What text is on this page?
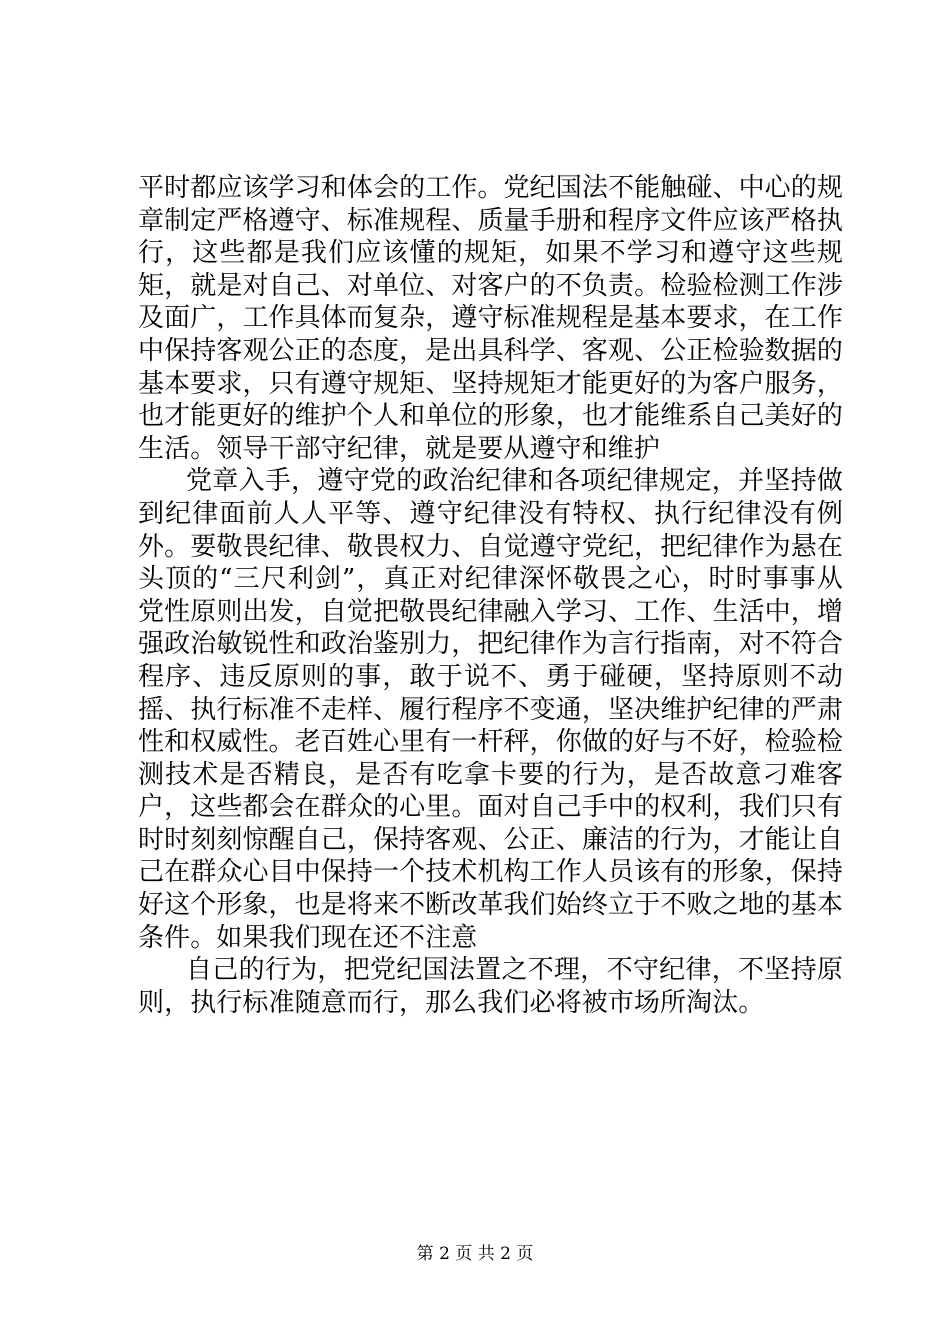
平时都应该学习和体会的工作。党纪国法不能触碰、中心的规章制定严格遵守、标准规程、质量手册和程序文件应该严格执行，这些都是我们应该懂的规矩，如果不学习和遵守这些规矩，就是对自己、对单位、对客户的不负责。检验检测工作涉及面广，工作具体而复杂，遵守标准规程是基本要求，在工作中保持客观公正的态度，是出具科学、客观、公正检验数据的基本要求，只有遵守规矩、坚持规矩才能更好的为客户服务，也才能更好的维护个人和单位的形象，也才能维系自己美好的生活。领导干部守纪律，就是要从遵守和维护

党章入手，遵守党的政治纪律和各项纪律规定，并坚持做到纪律面前人人平等、遵守纪律没有特权、执行纪律没有例外。要敬畏纪律、敬畏权力、自觉遵守党纪，把纪律作为悬在头顶的“三尺利剑”，真正对纪律深怀敬畏之心，时时事事从党性原则出发，自觉把敬畏纪律融入学习、工作、生活中，增强政治敏锐性和政治鉴别力，把纪律作为言行指南，对不符合程序、违反原则的事，敢于说不、勇于碰硬，坚持原则不动摇、执行标准不走样、履行程序不变通，坚决维护纪律的严肃性和权威性。老百姓心里有一杆秤，你做的好与不好，检验检测技术是否精良，是否有吃拿卡要的行为，是否故意刁难客户，这些都会在群众的心里。面对自己手中的权利，我们只有时时刻刻惊醒自己，保持客观、公正、廉洁的行为，才能让自己在群众心目中保持一个技术机构工作人员该有的形象，保持好这个形象，也是将来不断改革我们始终立于不败之地的基本条件。如果我们现在还不注意

自己的行为，把党纪国法置之不理，不守纪律，不坚持原则，执行标准随意而行，那么我们必将被市场所淘汰。

第 2 页 共 2 页
